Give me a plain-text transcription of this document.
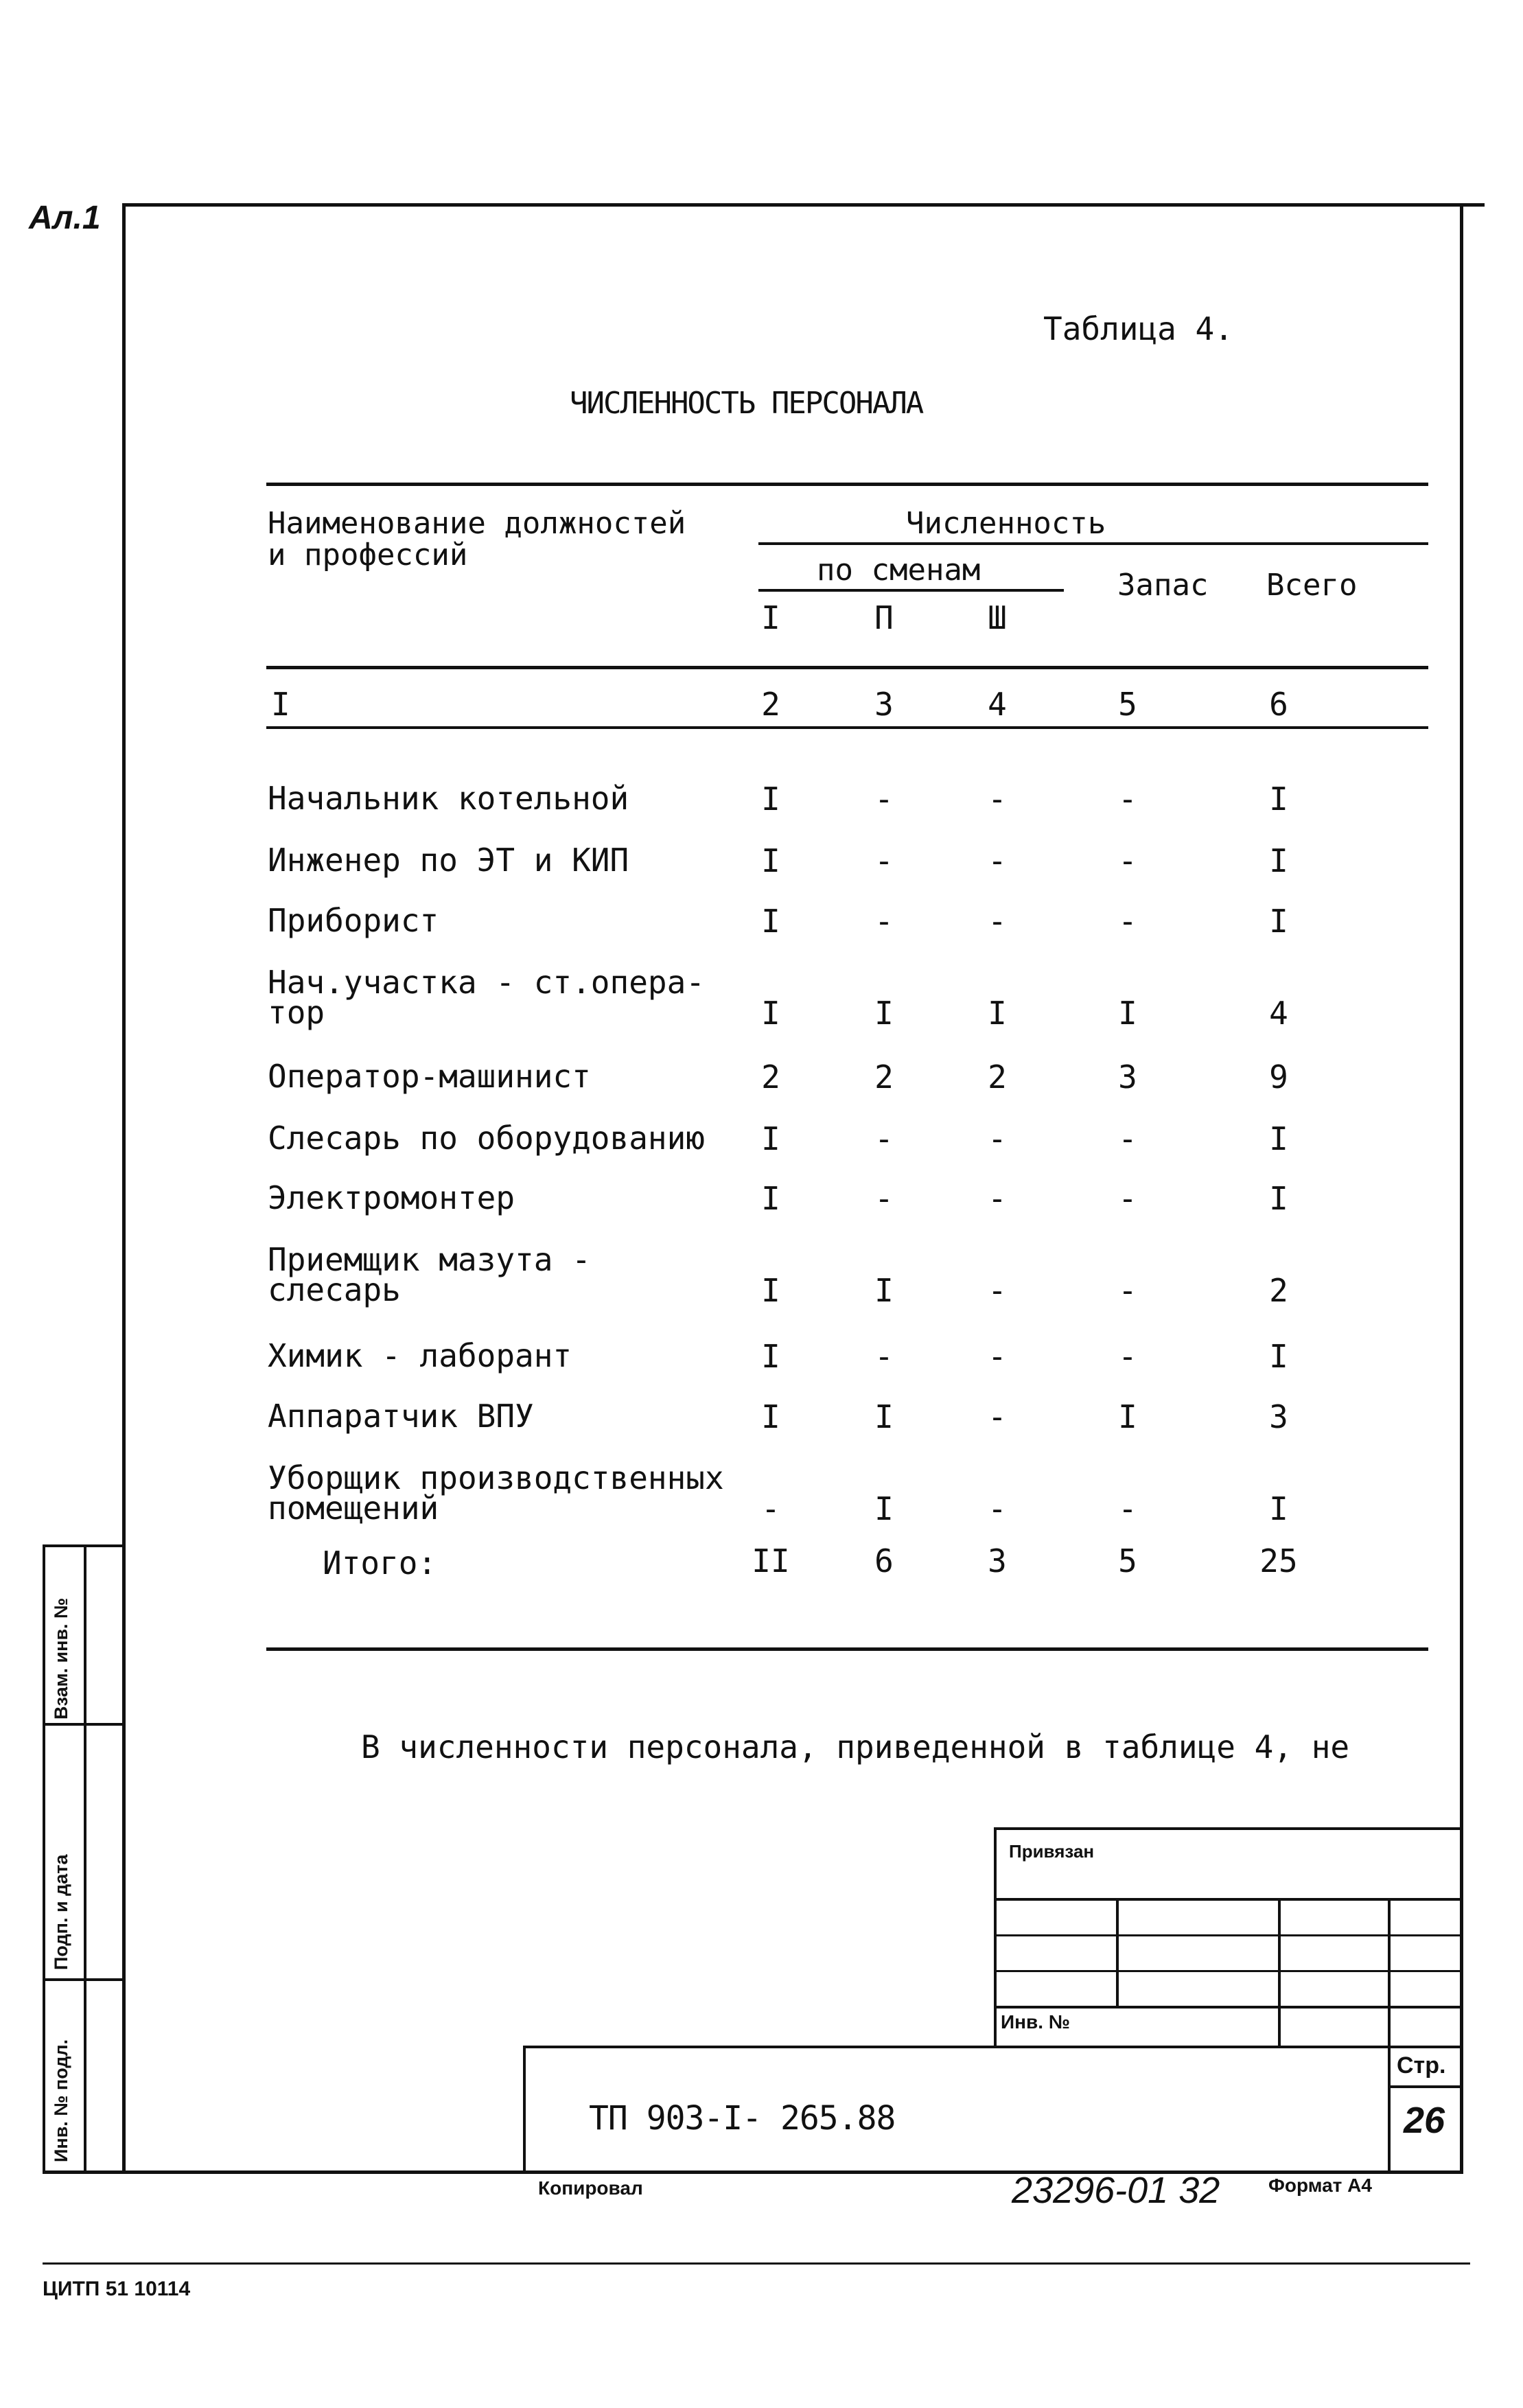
Ал.1
Таблица 4.
ЧИСЛЕННОСТЬ ПЕРСОНАЛА
Наименование должностей и профессий
Численность
по сменам
I	П	Ш
Запас Всего
I	2	3	4	5	6
Начальник котельной	I	-	-	-	I
Инженер по ЭТ и КИП	I	-	-	-	I
Приборист	I	-	-	-	I
Нач.участка - ст.опера-
тор	I	I	I	I	4
Оператор-машинист	2	2	2	3	9
Слесарь по оборудованию	I	-	-	-	I
Электромонтер	I	-	-	-	I
Приемщик мазута -
слесарь	I	I	-	-	2
Химик - лаборант	I	-	-	-	I
Аппаратчик ВПУ	I	I	-	I	3
Уборщик производственных
помещений	-	I	-	-	I
Итого:	II	6	3	5	25
В численности персонала, приведенной в таблице 4, не
Взам. инв. №
Подп. и дата
Инв. № подл.
Привязан
Инв. №
Стр.
26
ТП 903-I- 265.88
Копировал	23296-01 32	Формат А4
ЦИТП 51 10114
